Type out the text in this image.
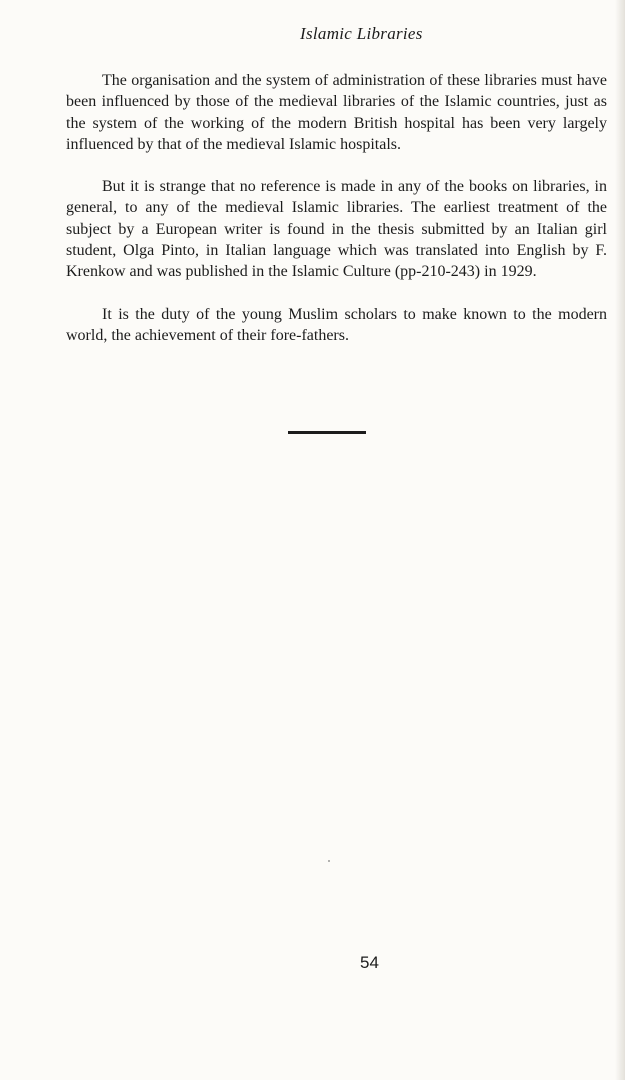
Islamic Libraries

The organisation and the system of administration of these libraries must have been influenced by those of the medieval libraries of the Islamic countries, just as the system of the working of the modern British hospital has been very largely influenced by that of the medieval Islamic hospitals.

But it is strange that no reference is made in any of the books on libraries, in general, to any of the medieval Islamic libraries. The earliest treatment of the subject by a European writer is found in the thesis submitted by an Italian girl student, Olga Pinto, in Italian language which was translated into English by F. Krenkow and was published in the Islamic Culture (pp-210-243) in 1929.

It is the duty of the young Muslim scholars to make known to the modern world, the achievement of their fore-fathers.

54
